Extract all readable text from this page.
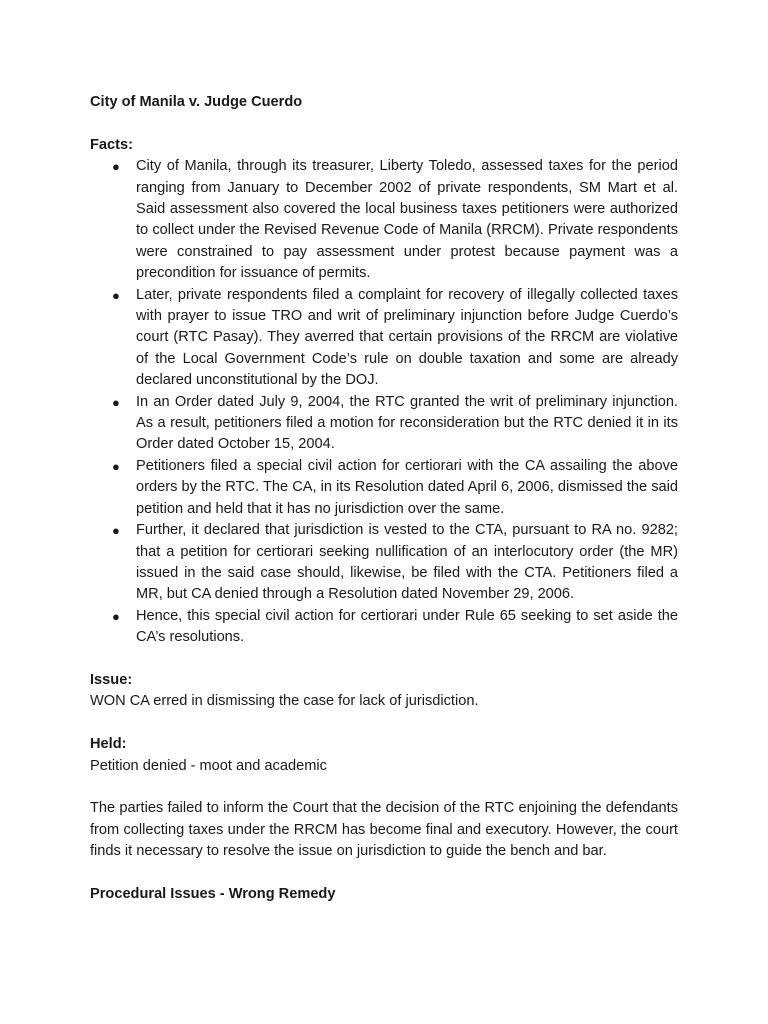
City of Manila v. Judge Cuerdo

Facts:

● City of Manila, through its treasurer, Liberty Toledo, assessed taxes for the period ranging from January to December 2002 of private respondents, SM Mart et al. Said assessment also covered the local business taxes petitioners were authorized to collect under the Revised Revenue Code of Manila (RRCM). Private respondents were constrained to pay assessment under protest because payment was a precondition for issuance of permits.
● Later, private respondents filed a complaint for recovery of illegally collected taxes with prayer to issue TRO and writ of preliminary injunction before Judge Cuerdo’s court (RTC Pasay). They averred that certain provisions of the RRCM are violative of the Local Government Code’s rule on double taxation and some are already declared unconstitutional by the DOJ.
● In an Order dated July 9, 2004, the RTC granted the writ of preliminary injunction. As a result, petitioners filed a motion for reconsideration but the RTC denied it in its Order dated October 15, 2004.
● Petitioners filed a special civil action for certiorari with the CA assailing the above orders by the RTC. The CA, in its Resolution dated April 6, 2006, dismissed the said petition and held that it has no jurisdiction over the same.
● Further, it declared that jurisdiction is vested to the CTA, pursuant to RA no. 9282; that a petition for certiorari seeking nullification of an interlocutory order (the MR) issued in the said case should, likewise, be filed with the CTA. Petitioners filed a MR, but CA denied through a Resolution dated November 29, 2006.
● Hence, this special civil action for certiorari under Rule 65 seeking to set aside the CA’s resolutions.

Issue:

WON CA erred in dismissing the case for lack of jurisdiction.

Held:

Petition denied - moot and academic

The parties failed to inform the Court that the decision of the RTC enjoining the defendants from collecting taxes under the RRCM has become final and executory. However, the court finds it necessary to resolve the issue on jurisdiction to guide the bench and bar.

Procedural Issues - Wrong Remedy
